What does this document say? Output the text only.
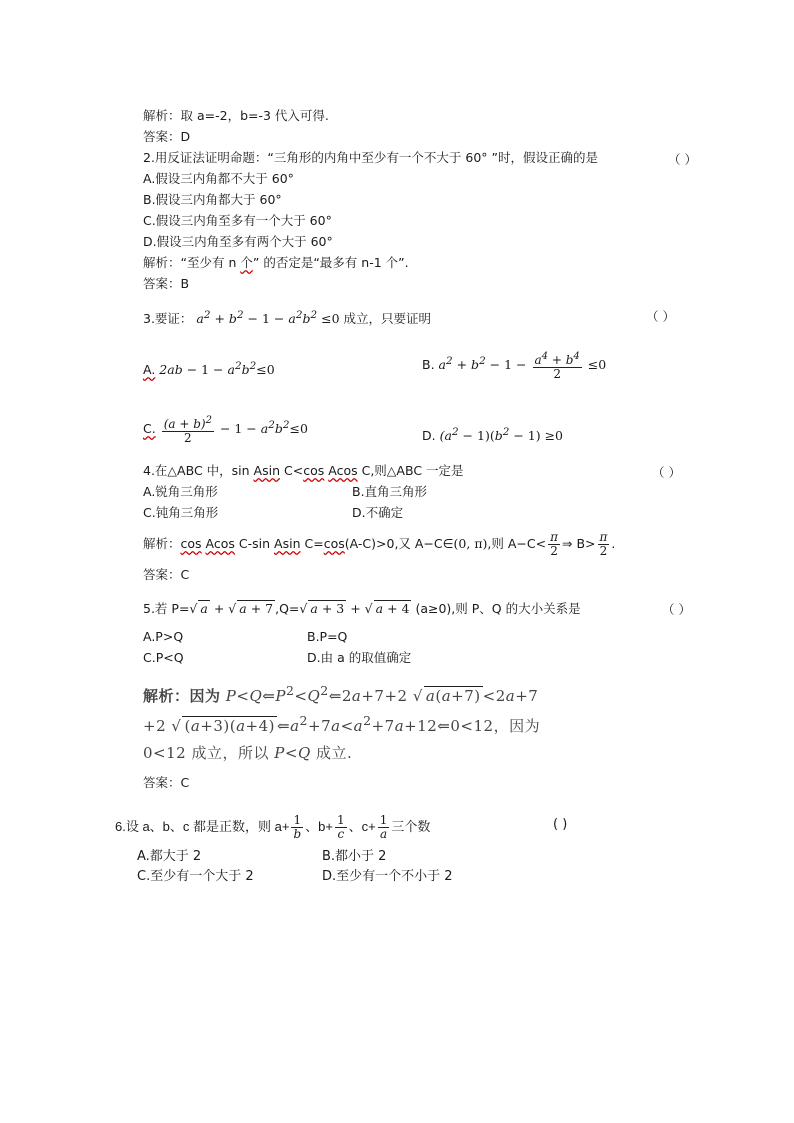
解析：取 a=-2，b=-3 代入可得.
答案：D
2.用反证法证明命题：“三角形的内角中至少有一个不大于 60° ”时，假设正确的是	（ ）
A.假设三内角都不大于 60°
B.假设三内角都大于 60°
C.假设三内角至多有一个大于 60°
D.假设三内角至多有两个大于 60°
解析：“至少有 n 个” 的否定是“最多有 n-1 个”.
答案：B
3.要证： $a^2 + b^2 - 1 - a^2b^2 \le 0$ 成立，只要证明	（ ）
A. $2ab - 1 - a^2b^2\le 0$	B. $a^2 + b^2 - 1 - \frac{a^4 + b^4}{2} \le 0$
C. $\frac{(a + b)^2}{2} - 1 - a^2b^2\le 0$	D. $(a^2 - 1)(b^2 - 1) \ge 0$
4.在△ABC 中，sin Asin C<cos Acos C,则△ABC 一定是	（ ）
A.锐角三角形	B.直角三角形
C.钝角三角形	D.不确定
解析：cos Acos C-sin Asin C=cos(A-C)>0,又 A−C∈(0, π),则 $A-C< \frac{\pi}{2}$ ⇒ $B> \frac{\pi}{2}$ .
答案：C
5.若 P=√ a + √ a + 7 ,Q=√ a + 3 + √ a + 4 (a≥0),则 P、Q 的大小关系是	（ ）
A.P>Q	B.P=Q
C.P<Q	D.由 a 的取值确定
解析：因为 $P<Q⇐P^2<Q^2⇐2a+7+2$ √ a(a+7) <2a+7
+2 √ (a+3)(a+4) $⇐a^2+7a<a^2+7a+12⇐0<12$，因为
0<12 成立，所以 P<Q 成立.
答案：C
6.设 a、b、c 都是正数，则 $a+ \frac{1}{b}$ 、$b+ \frac{1}{c}$ 、$c+ \frac{1}{a}$ 三个数	( )
A.都大于 2	B.都小于 2
C.至少有一个大于 2	D.至少有一个不小于 2
